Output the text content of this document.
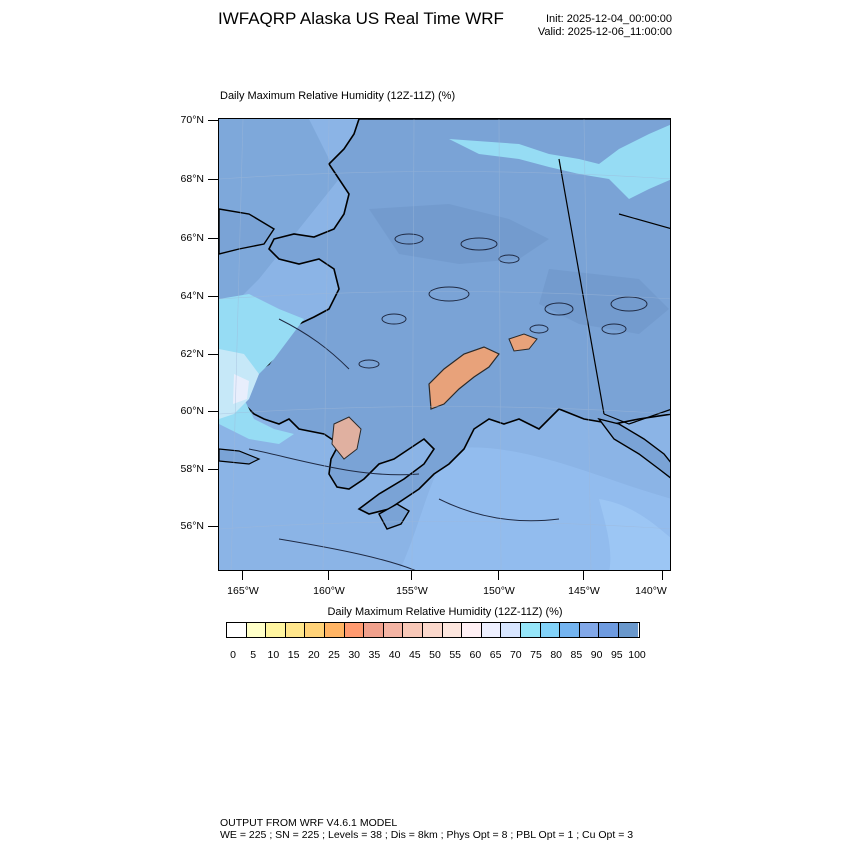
IWFAQRP Alaska US Real Time WRF	Init: 2025-12-04_00:00:00
Valid: 2025-12-06_11:00:00
Daily Maximum Relative Humidity (12Z-11Z) (%)
70°N
68°N
66°N
64°N
62°N
60°N
58°N
56°N
165°W	160°W	155°W	150°W	145°W	140°W
Daily Maximum Relative Humidity (12Z-11Z) (%)
0	5	10 15 20 25 30 35 40 45 50 55 60 65 70 75 80 85 90 95 100
OUTPUT FROM WRF V4.6.1 MODEL
WE = 225 ; SN = 225 ; Levels = 38 ; Dis = 8km ; Phys Opt = 8 ; PBL Opt = 1 ; Cu Opt = 3
